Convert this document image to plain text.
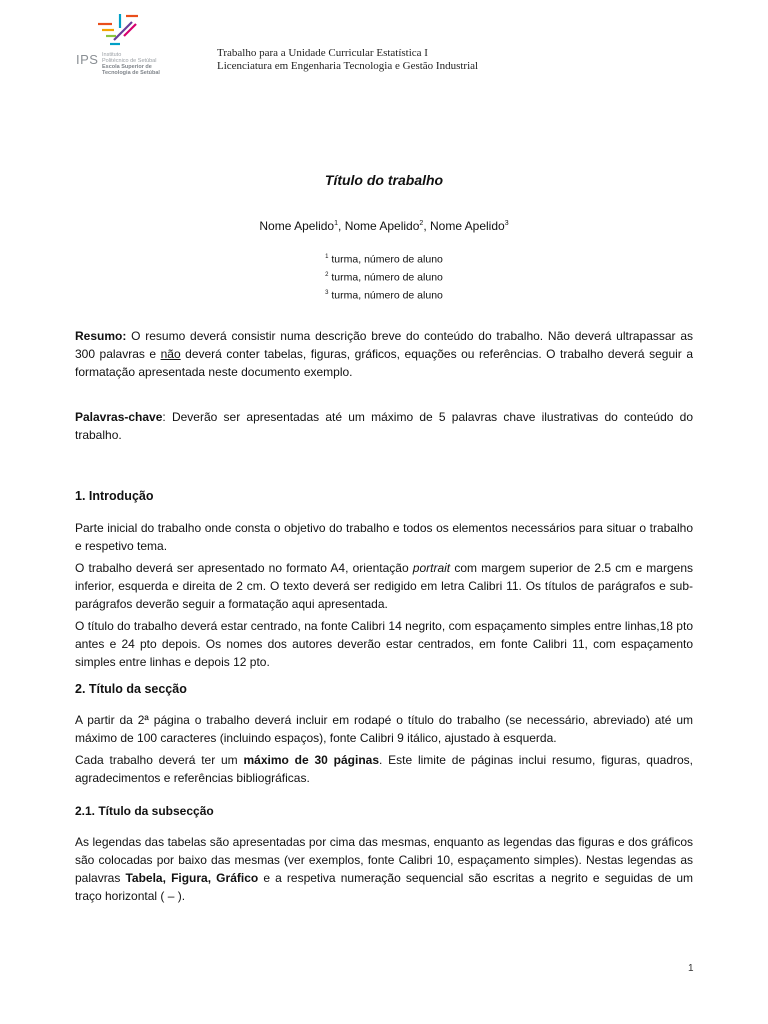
IPS Instituto
Politécnico de Setúbal
Escola Superior de
Tecnologia de Setúbal
Trabalho para a Unidade Curricular Estatística I
Licenciatura em Engenharia Tecnologia e Gestão Industrial
Título do trabalho
Nome Apelido$^1$, Nome Apelido$^2$, Nome Apelido$^3$
$^1$ turma, número de aluno
$^2$ turma, número de aluno
$^3$ turma, número de aluno

Resumo: O resumo deverá consistir numa descrição breve do conteúdo do trabalho. Não deverá ultrapassar as 300 palavras e não deverá conter tabelas, figuras, gráficos, equações ou referências. O trabalho deverá seguir a formatação apresentada neste documento exemplo.

Palavras-chave: Deverão ser apresentadas até um máximo de 5 palavras chave ilustrativas do conteúdo do trabalho.

1. Introdução

Parte inicial do trabalho onde consta o objetivo do trabalho e todos os elementos necessários para situar o trabalho e respetivo tema.

O trabalho deverá ser apresentado no formato A4, orientação portrait com margem superior de 2.5 cm e margens inferior, esquerda e direita de 2 cm. O texto deverá ser redigido em letra Calibri 11. Os títulos de parágrafos e sub-parágrafos deverão seguir a formatação aqui apresentada.

O título do trabalho deverá estar centrado, na fonte Calibri 14 negrito, com espaçamento simples entre linhas,18 pto antes e 24 pto depois. Os nomes dos autores deverão estar centrados, em fonte Calibri 11, com espaçamento simples entre linhas e depois 12 pto.

2. Título da secção

A partir da 2ª página o trabalho deverá incluir em rodapé o título do trabalho (se necessário, abreviado) até um máximo de 100 caracteres (incluindo espaços), fonte Calibri 9 itálico, ajustado à esquerda.

Cada trabalho deverá ter um máximo de 30 páginas. Este limite de páginas inclui resumo, figuras, quadros, agradecimentos e referências bibliográficas.

2.1. Título da subsecção

As legendas das tabelas são apresentadas por cima das mesmas, enquanto as legendas das figuras e dos gráficos são colocadas por baixo das mesmas (ver exemplos, fonte Calibri 10, espaçamento simples). Nestas legendas as palavras Tabela, Figura, Gráfico e a respetiva numeração sequencial são escritas a negrito e seguidas de um traço horizontal ( – ).

1
